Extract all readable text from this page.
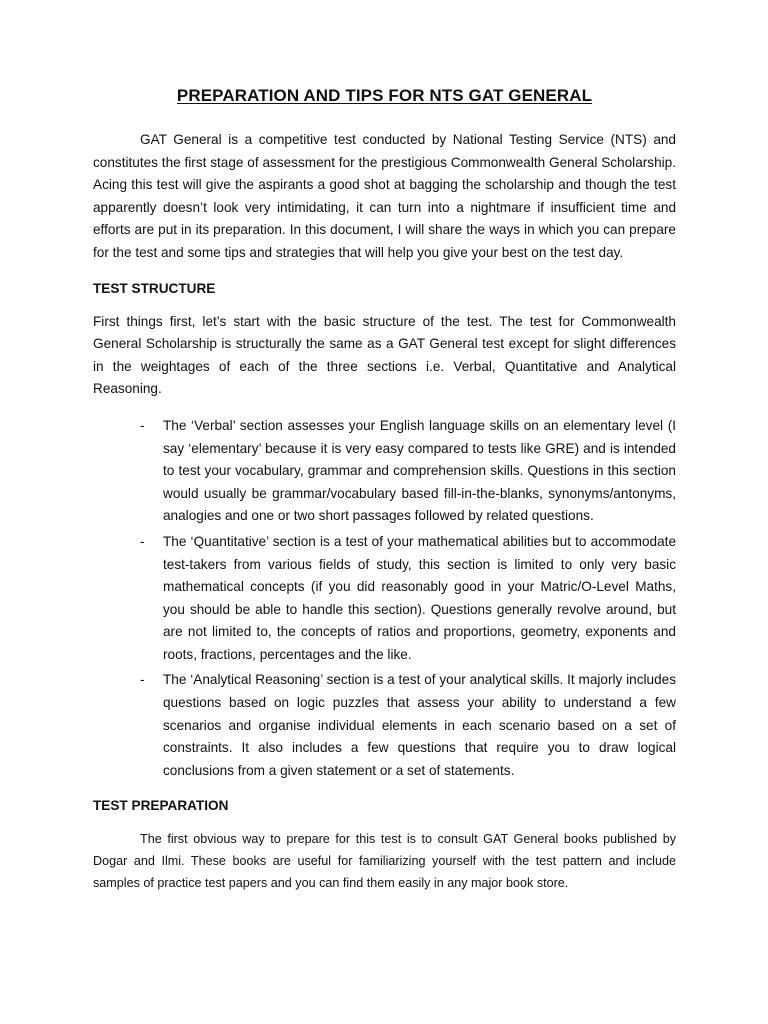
PREPARATION AND TIPS FOR NTS GAT GENERAL

GAT General is a competitive test conducted by National Testing Service (NTS) and constitutes the first stage of assessment for the prestigious Commonwealth General Scholarship. Acing this test will give the aspirants a good shot at bagging the scholarship and though the test apparently doesn’t look very intimidating, it can turn into a nightmare if insufficient time and efforts are put in its preparation. In this document, I will share the ways in which you can prepare for the test and some tips and strategies that will help you give your best on the test day.

TEST STRUCTURE

First things first, let’s start with the basic structure of the test. The test for Commonwealth General Scholarship is structurally the same as a GAT General test except for slight differences in the weightages of each of the three sections i.e. Verbal, Quantitative and Analytical Reasoning.

- The ‘Verbal’ section assesses your English language skills on an elementary level (I say ‘elementary’ because it is very easy compared to tests like GRE) and is intended to test your vocabulary, grammar and comprehension skills. Questions in this section would usually be grammar/vocabulary based fill-in-the-blanks, synonyms/antonyms, analogies and one or two short passages followed by related questions.

- The ‘Quantitative’ section is a test of your mathematical abilities but to accommodate test-takers from various fields of study, this section is limited to only very basic mathematical concepts (if you did reasonably good in your Matric/O-Level Maths, you should be able to handle this section). Questions generally revolve around, but are not limited to, the concepts of ratios and proportions, geometry, exponents and roots, fractions, percentages and the like.

- The ‘Analytical Reasoning’ section is a test of your analytical skills. It majorly includes questions based on logic puzzles that assess your ability to understand a few scenarios and organise individual elements in each scenario based on a set of constraints. It also includes a few questions that require you to draw logical conclusions from a given statement or a set of statements.

TEST PREPARATION

The first obvious way to prepare for this test is to consult GAT General books published by Dogar and Ilmi. These books are useful for familiarizing yourself with the test pattern and include samples of practice test papers and you can find them easily in any major book store.
